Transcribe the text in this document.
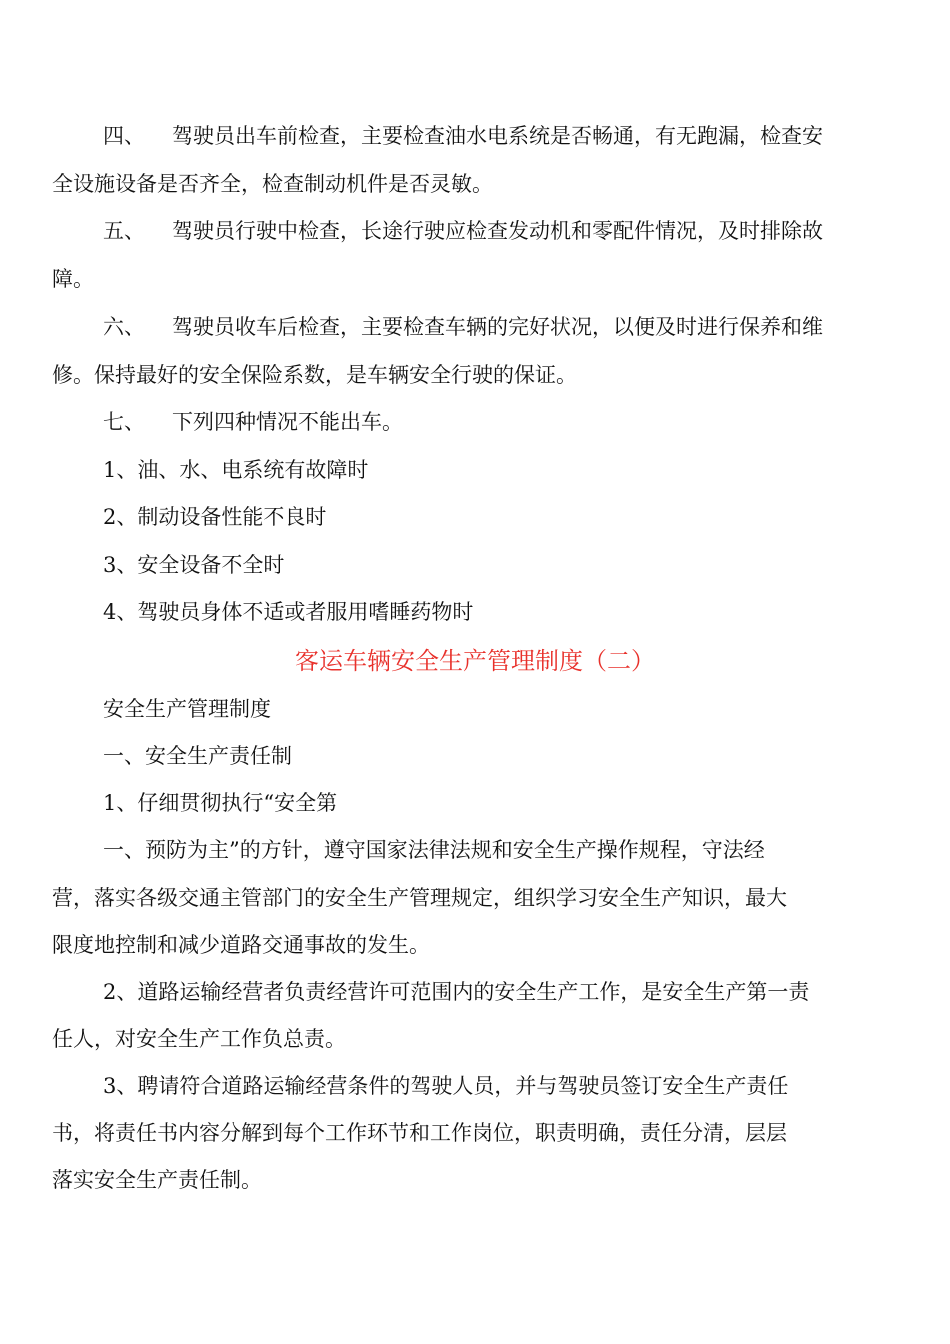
四、 驾驶员出车前检查，主要检查油水电系统是否畅通，有无跑漏，检查安
全设施设备是否齐全，检查制动机件是否灵敏。
五、 驾驶员行驶中检查，长途行驶应检查发动机和零配件情况，及时排除故
障。
六、 驾驶员收车后检查，主要检查车辆的完好状况，以便及时进行保养和维
修。保持最好的安全保险系数，是车辆安全行驶的保证。
七、 下列四种情况不能出车。
1、油、水、电系统有故障时
2、制动设备性能不良时
3、安全设备不全时
4、驾驶员身体不适或者服用嗜睡药物时
客运车辆安全生产管理制度（二）
安全生产管理制度
一、安全生产责任制
1、仔细贯彻执行“安全第
一、预防为主”的方针，遵守国家法律法规和安全生产操作规程，守法经
营，落实各级交通主管部门的安全生产管理规定，组织学习安全生产知识，最大
限度地控制和减少道路交通事故的发生。
2、道路运输经营者负责经营许可范围内的安全生产工作，是安全生产第一责
任人，对安全生产工作负总责。
3、聘请符合道路运输经营条件的驾驶人员，并与驾驶员签订安全生产责任
书，将责任书内容分解到每个工作环节和工作岗位，职责明确，责任分清，层层
落实安全生产责任制。
